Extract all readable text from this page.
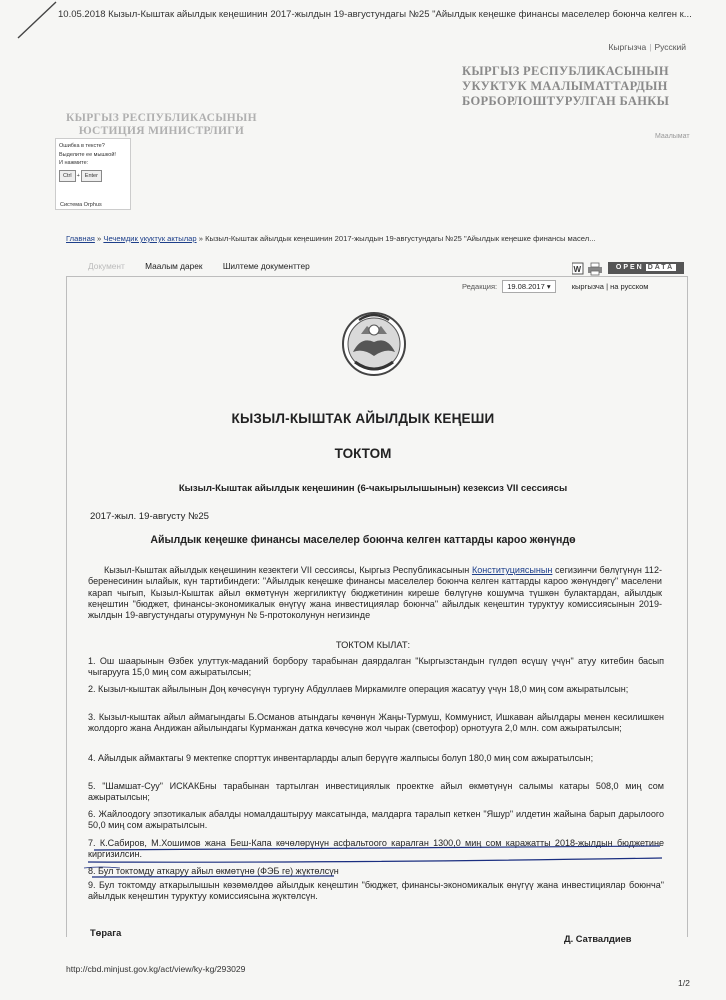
10.05.2018 Кызыл-Кыштак айылдык кеңешинин 2017-жылдын 19-августундагы №25 "Айылдык кеңешке финансы маселелер боюнча келген к...
Кыргызча | Русский
КЫРГЫЗ РЕСПУБЛИКАСЫНЫН
УКУКТУК МААЛЫМАТТАРДЫН
БОРБОРЛОШТУРУЛГАН БАНКЫ
Маалымат
КЫРГЫЗ РЕСПУБЛИКАСЫНЫН
ЮСТИЦИЯ МИНИСТРЛИГИ
Ошибка в тексте?
Выделите ее мышкой!
И нажмите:
Ctrl + Enter
Система Orphus
Главная » Чечемдик укуктук актылар » Кызыл-Кыштак айылдык кеңешинин 2017-жылдын 19-августундагы №25 "Айылдык кеңешке финансы масел...
Документ Маалым дарек Шилтеме документтер	W	OPEN DATA
Редакция: 19.08.2017 ▾	кыргызча | на русском
КЫЗЫЛ-КЫШТАК АЙЫЛДЫК КЕҢЕШИ
ТОКТОМ
Кызыл-Кыштак айылдык кеңешинин (6-чакырылышынын) кезексиз VII сессиясы
2017-жыл. 19-августу №25
Айылдык кеңешке финансы маселелер боюнча келген каттарды карoo жөнүндө
Кызыл-Кыштак айылдык кеңешинин кезектеги VII сессиясы, Кыргыз Республикасынын Конституциясынын сегизинчи бөлүгүнүн 112-беренесинин ылайык, күн тартибиндеги: "Айылдык кеңешке финансы маселелер боюнча келген каттарды карoo жөнүндөгү" маселени карап чыгып, Кызыл-Кыштак айыл өкмөтүнүн жергиликтүү бюджетинин киреше бөлүгүнө кошумча түшкөн булактардан, айылдык кеңештин "бюджет, финансы-экономикалык өнүгүү жана инвестициялар боюнча" айылдык кеңештин туруктуу комиссиясынын 2019-жылдын 19-августундагы отурумунун № 5-протоколунун негизинде
ТОКТОМ КЫЛАТ:
1. Ош шаарынын Өзбек улуттук-маданий борбору тарабынан даярдалган "Кыргызстандын гүлдөп өсүшү үчүн" атуу китебин басып чыгарууга 15,0 миң сом ажыратылсын;
2. Кызыл-кыштак айылынын Доң көчөсүнүн тургуну Абдуллаев Миркамилге операция жасатуу үчүн 18,0 миң сом ажыратылсын;
3. Кызыл-кыштак айыл аймагындагы Б.Османов атындагы көчөнүн Жаңы-Турмуш, Коммунист, Ишкаван айылдары менен кесилишкен жолдорго жана Андижан айылындагы Курманжан датка көчөсүнө жол чырак (светофор) орнотууга 2,0 млн. сом ажыратылсын;
4. Айылдык аймактагы 9 мектепке спорттук инвентарларды алып берүүгө жалпысы болуп 180,0 миң сом ажыратылсын;
5. "Шамшат-Суу" ИСКАКБны тарабынан тартылган инвестициялык проектке айыл өкмөтүнүн салымы катары 508,0 миң сом ажыратылсын;
6. Жайлоодогу эпзотикалык абалды номалдаштыруу максатында, малдарга таралып кеткен "Яшур" илдетин жайына барып дарылоого 50,0 миң сом ажыратылсын.
7. К.Сабиров, М.Хошимов жана Беш-Капа көчөлөрүнүн асфальтоого каралган 1300,0 миң сом каражатты 2018-жылдын бюджетине киргизилсин.
8. Бул токтомду аткаруу айыл өкмөтүнө (ФЭБ ге) жүктөлсүн
9. Бул токтомду аткарылышын көзөмөлдөө айылдык кеңештин "бюджет, финансы-экономикалык өнүгүү жана инвестициялар боюнча" айылдык кеңештин туруктуу комиссиясына жүктөлсүн.
Төрага
Д. Сатвалдиев
http://cbd.minjust.gov.kg/act/view/ky-kg/293029
1/2
